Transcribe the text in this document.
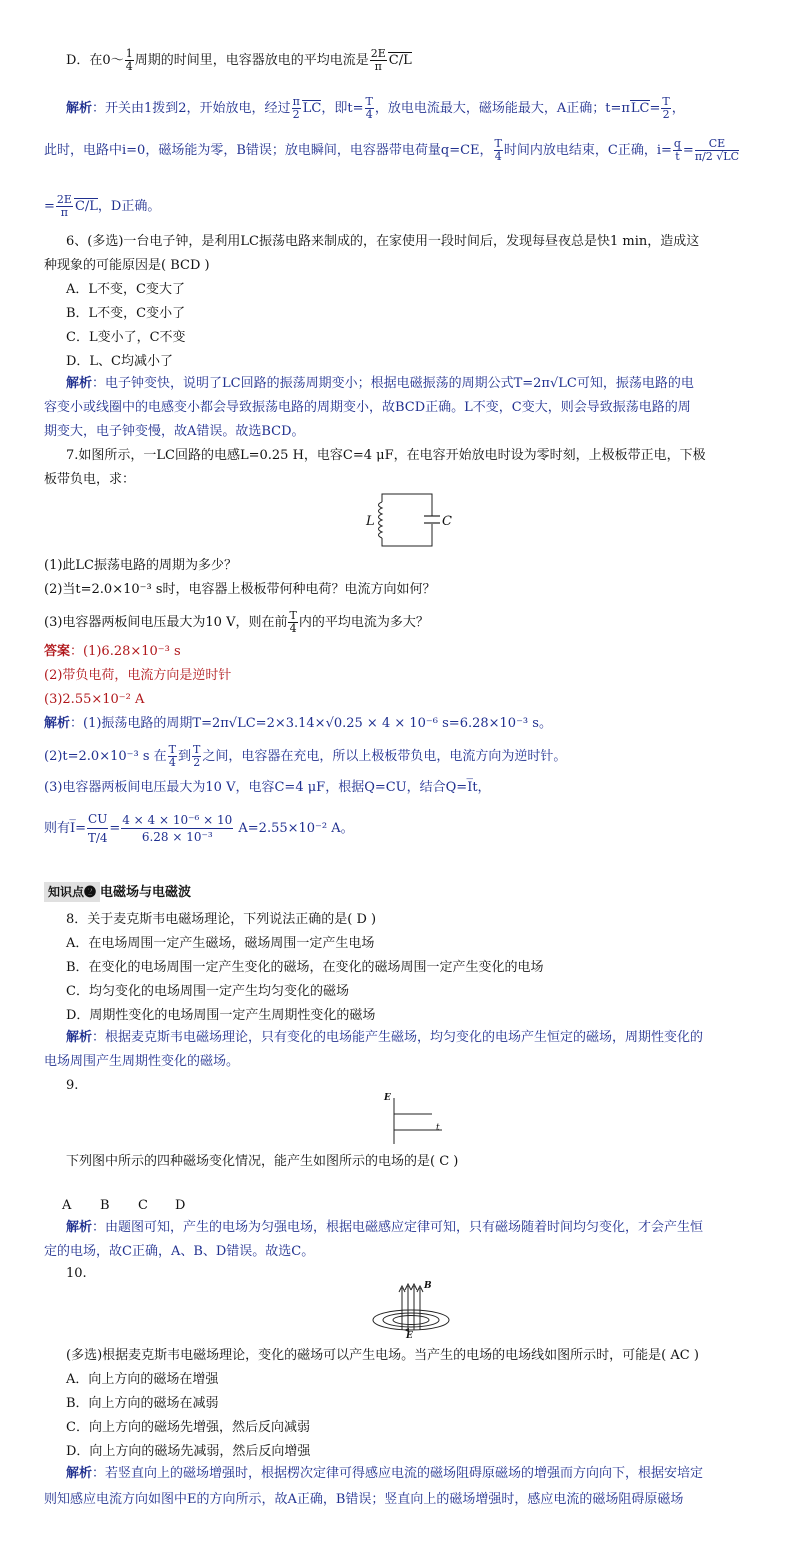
D．在0～ $\frac{1}{4}$ 周期的时间里，电容器放电的平均电流是 $\frac{2E}{\pi} C/L$
解析：开关由1拨到2，开始放电，经过 $\frac{\pi}{2}$ LC，即$t= \frac{T}{4}$ ，放电电流最大，磁场能最大，A正确；$t=\pi LC= \frac{T}{2}$ ，
此时，电路中i=0，磁场能为零，B错误；放电瞬间，电容器带电荷量q=CE， $\frac{T}{4}$ 时间内放电结束，C正确，$i= \frac{q}{t} = \frac{CE}{\pi/2 √LC}$
= $\frac{2E}{\pi} C/L$，D正确。
6、(多选)一台电子钟，是利用LC振荡电路来制成的，在家使用一段时间后，发现每昼夜总是快1 min，造成这
种现象的可能原因是( BCD )
A．L不变，C变大了
B．L不变，C变小了
C．L变小了，C不变
D．L、C均减小了
解析：电子钟变快，说明了LC回路的振荡周期变小；根据电磁振荡的周期公式T=2π√LC可知，振荡电路的电
容变小或线圈中的电感变小都会导致振荡电路的周期变小，故BCD正确。L不变，C变大，则会导致振荡电路的周
期变大，电子钟变慢，故A错误。故选BCD。
7.如图所示，一LC回路的电感L=0.25 H，电容C=4 μF，在电容开始放电时设为零时刻，上极板带正电，下极
板带负电，求：
L	C
(1)此LC振荡电路的周期为多少？
(2)当t=2.0×10⁻³ s时，电容器上极板带何种电荷？电流方向如何？
(3)电容器两板间电压最大为10 V，则在前 $\frac{T}{4}$ 内的平均电流为多大？
答案：(1)6.28×10⁻³ s
(2)带负电荷，电流方向是逆时针
(3)2.55×10⁻² A
解析：(1)振荡电路的周期T=2π√LC=2×3.14×√0.25 × 4 × 10⁻⁶ s=6.28×10⁻³ s。
(2)t=2.0×10⁻³ s 在 $\frac{T}{4}$ 到 $\frac{T}{2}$ 之间，电容器在充电，所以上极板带负电，电流方向为逆时针。
(3)电容器两板间电压最大为10 V，电容C=4 μF，根据Q=CU，结合Q=I̅t，
则有I̅= $\frac{CU}{T/4} = \frac{\text{4 × 4 × 10⁻⁶ × 10}}{\text{6.28 × 10⁻³}} A=2.55\times 10^{-2}$ A。
知识点❷ 电磁场与电磁波
8．关于麦克斯韦电磁场理论，下列说法正确的是( D )
A．在电场周围一定产生磁场，磁场周围一定产生电场
B．在变化的电场周围一定产生变化的磁场，在变化的磁场周围一定产生变化的电场
C．均匀变化的电场周围一定产生均匀变化的磁场
D．周期性变化的电场周围一定产生周期性变化的磁场
解析：根据麦克斯韦电磁场理论，只有变化的电场能产生磁场，均匀变化的电场产生恒定的磁场，周期性变化的
电场周围产生周期性变化的磁场。
9.
E
t
下列图中所示的四种磁场变化情况，能产生如图所示的电场的是( C )
A B C D
解析：由题图可知，产生的电场为匀强电场，根据电磁感应定律可知，只有磁场随着时间均匀变化，才会产生恒
定的电场，故C正确，A、B、D错误。故选C。
10.
B
E
(多选)根据麦克斯韦电磁场理论，变化的磁场可以产生电场。当产生的电场的电场线如图所示时，可能是( AC )
A．向上方向的磁场在增强
B．向上方向的磁场在减弱
C．向上方向的磁场先增强，然后反向减弱
D．向上方向的磁场先减弱，然后反向增强
解析：若竖直向上的磁场增强时，根据楞次定律可得感应电流的磁场阻碍原磁场的增强而方向向下，根据安培定
则知感应电流方向如图中E的方向所示，故A正确，B错误；竖直向上的磁场增强时，感应电流的磁场阻碍原磁场
